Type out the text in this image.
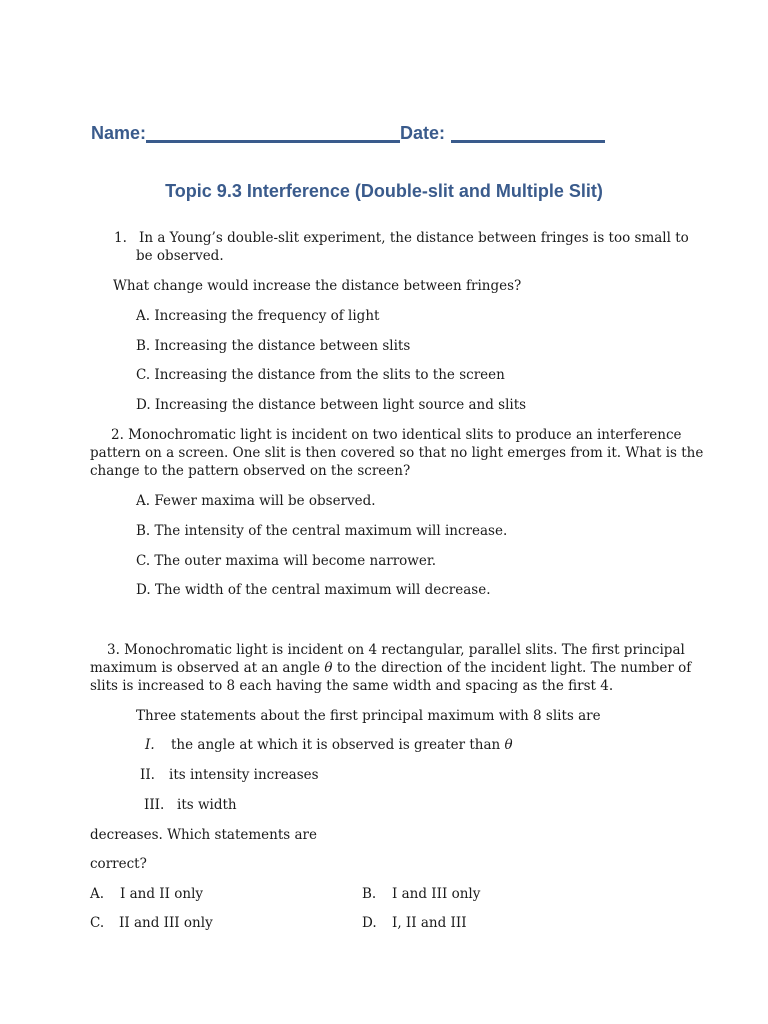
Name:	Date:
Topic 9.3 Interference (Double-slit and Multiple Slit)
1. In a Young’s double-slit experiment, the distance between fringes is too small to
be observed.
What change would increase the distance between fringes?
A. Increasing the frequency of light
B. Increasing the distance between slits
C. Increasing the distance from the slits to the screen
D. Increasing the distance between light source and slits
2. Monochromatic light is incident on two identical slits to produce an interference
pattern on a screen. One slit is then covered so that no light emerges from it. What is the
change to the pattern observed on the screen?
A. Fewer maxima will be observed.
B. The intensity of the central maximum will increase.
C. The outer maxima will become narrower.
D. The width of the central maximum will decrease.
3. Monochromatic light is incident on 4 rectangular, parallel slits. The first principal
maximum is observed at an angle θ to the direction of the incident light. The number of
slits is increased to 8 each having the same width and spacing as the first 4.
Three statements about the first principal maximum with 8 slits are
I. the angle at which it is observed is greater than θ
II. its intensity increases
III. its width
decreases. Which statements are
correct?
A. I and II only	B. I and III only
C. II and III only	D. I, II and III
